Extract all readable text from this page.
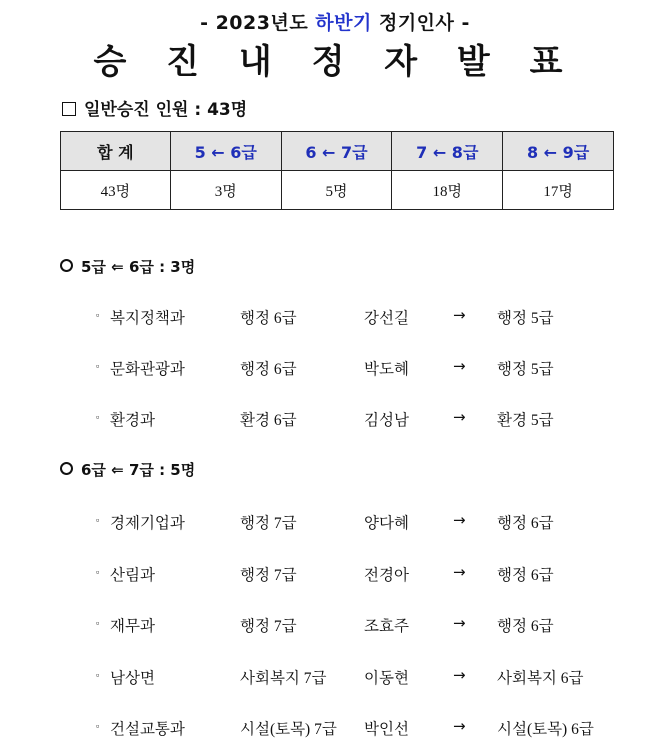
- 2023년도 하반기 정기인사 -
승 진 내 정 자 발 표
일반승진 인원 : 43명
합 계	5 ← 6급	6 ← 7급	7 ← 8급	8 ← 9급
43명	3명	5명	18명	17명
5급 ⇐ 6급 : 3명
▫ 복지정책과	행정 6급	강선길	→ 행정 5급
▫ 문화관광과	행정 6급	박도혜	→ 행정 5급
▫ 환경과	환경 6급	김성남	→ 환경 5급
6급 ⇐ 7급 : 5명
▫ 경제기업과	행정 7급	양다혜	→ 행정 6급
▫ 산림과	행정 7급	전경아	→ 행정 6급
▫ 재무과	행정 7급	조효주	→ 행정 6급
▫ 남상면	사회복지 7급 이동현	→ 사회복지 6급
▫ 건설교통과	시설(토목) 7급 박인선	→ 시설(토목) 6급
